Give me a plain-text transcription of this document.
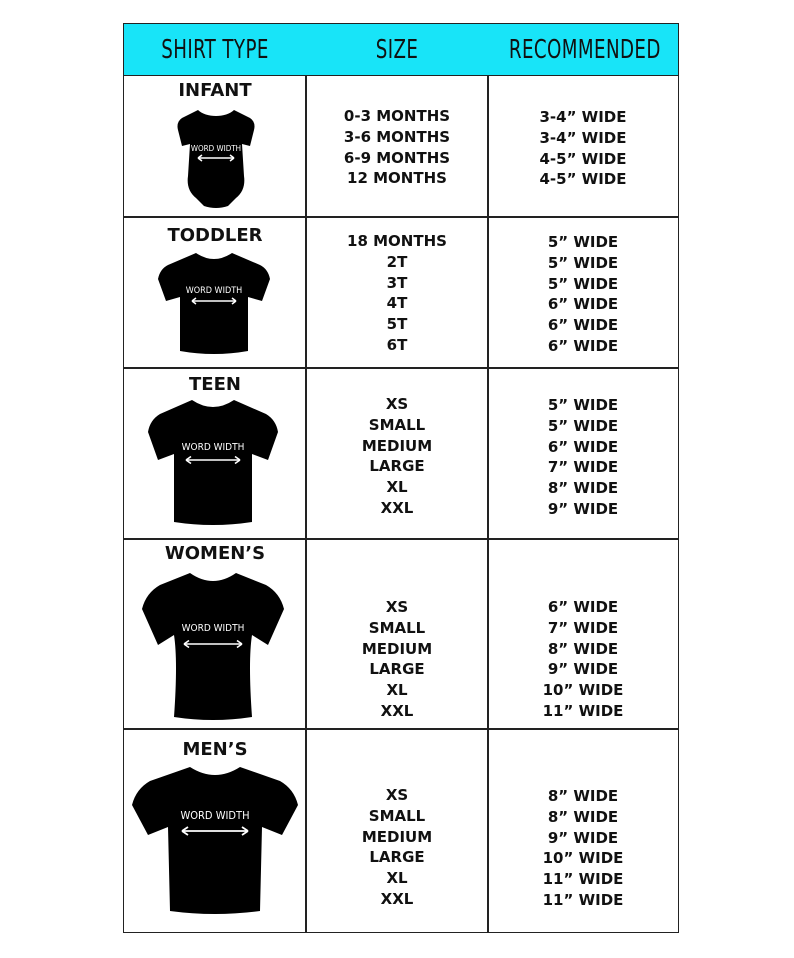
SHIRT TYPE	SIZE	RECOMMENDED
INFANT
WORD WIDTH
0-3 MONTHS
3-6 MONTHS
6-9 MONTHS
12 MONTHS
3-4” WIDE
3-4” WIDE
4-5” WIDE
4-5” WIDE
TODDLER
WORD WIDTH
18 MONTHS
2T
3T
4T
5T
6T
5” WIDE
5” WIDE
5” WIDE
6” WIDE
6” WIDE
6” WIDE
TEEN
WORD WIDTH
XS
SMALL
MEDIUM
LARGE
XL
XXL
5” WIDE
5” WIDE
6” WIDE
7” WIDE
8” WIDE
9” WIDE
WOMEN’S
WORD WIDTH
XS
SMALL
MEDIUM
LARGE
XL
XXL
6” WIDE
7” WIDE
8” WIDE
9” WIDE
10” WIDE
11” WIDE
MEN’S
WORD WIDTH
XS
SMALL
MEDIUM
LARGE
XL
XXL
8” WIDE
8” WIDE
9” WIDE
10” WIDE
11” WIDE
11” WIDE
